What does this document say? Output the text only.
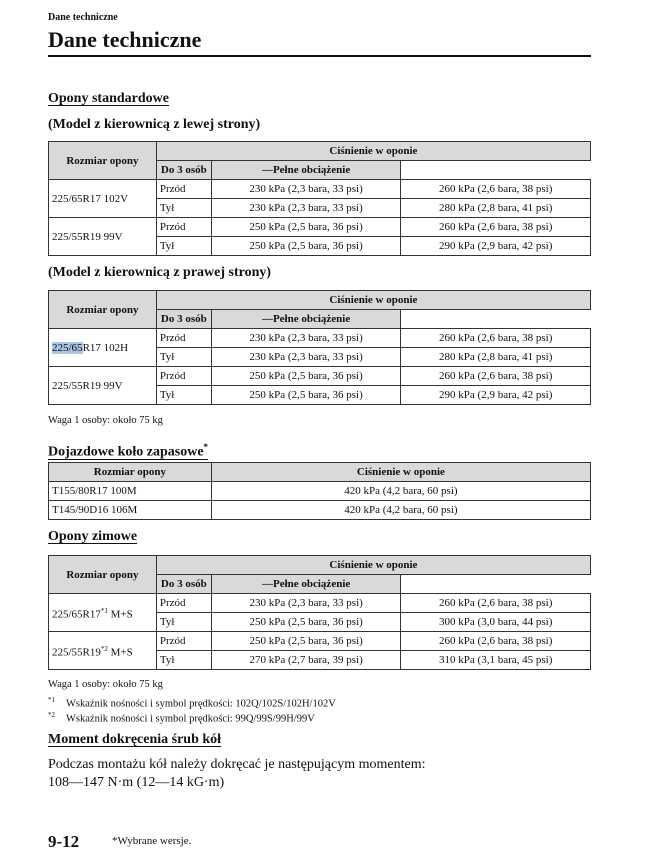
Dane techniczne
Dane techniczne
Opony standardowe
(Model z kierownicą z lewej strony)
Rozmiar opony	Ciśnienie w oponie		
	Do 3 osób	—Pełne obciążenie	
225/65R17 102V	Przód	230 kPa (2,3 bara, 33 psi)	260 kPa (2,6 bara, 38 psi)
	Tył	230 kPa (2,3 bara, 33 psi)	280 kPa (2,8 bara, 41 psi)
225/55R19 99V	Przód	250 kPa (2,5 bara, 36 psi)	260 kPa (2,6 bara, 38 psi)
	Tył	250 kPa (2,5 bara, 36 psi)	290 kPa (2,9 bara, 42 psi)
(Model z kierownicą z prawej strony)
Rozmiar opony	Ciśnienie w oponie		
	Do 3 osób	—Pełne obciążenie	
225/65R17 102H	Przód	230 kPa (2,3 bara, 33 psi)	260 kPa (2,6 bara, 38 psi)
	Tył	230 kPa (2,3 bara, 33 psi)	280 kPa (2,8 bara, 41 psi)
225/55R19 99V	Przód	250 kPa (2,5 bara, 36 psi)	260 kPa (2,6 bara, 38 psi)
	Tył	250 kPa (2,5 bara, 36 psi)	290 kPa (2,9 bara, 42 psi)

Waga 1 osoby: około 75 kg

Dojazdowe koło zapasowe*
Rozmiar opony	Ciśnienie w oponie
T155/80R17 100M	420 kPa (4,2 bara, 60 psi)
T145/90D16 106M	420 kPa (4,2 bara, 60 psi)
Opony zimowe
Rozmiar opony	Ciśnienie w oponie		
	Do 3 osób	—Pełne obciążenie	
225/65R17$^{*1}$ M+S	Przód	230 kPa (2,3 bara, 33 psi)	260 kPa (2,6 bara, 38 psi)
	Tył	250 kPa (2,5 bara, 36 psi)	300 kPa (3,0 bara, 44 psi)
225/55R19$^{*2}$ M+S	Przód	250 kPa (2,5 bara, 36 psi)	260 kPa (2,6 bara, 38 psi)
	Tył	270 kPa (2,7 bara, 39 psi)	310 kPa (3,1 bara, 45 psi)

Waga 1 osoby: około 75 kg

$^{*1}$ Wskaźnik nośności i symbol prędkości: 102Q/102S/102H/102V
$^{*2}$ Wskaźnik nośności i symbol prędkości: 99Q/99S/99H/99V
Moment dokręcenia śrub kół

Podczas montażu kół należy dokręcać je następującym momentem:

108—147 N·m (12—14 kG·m)

9-12	*Wybrane wersje.
